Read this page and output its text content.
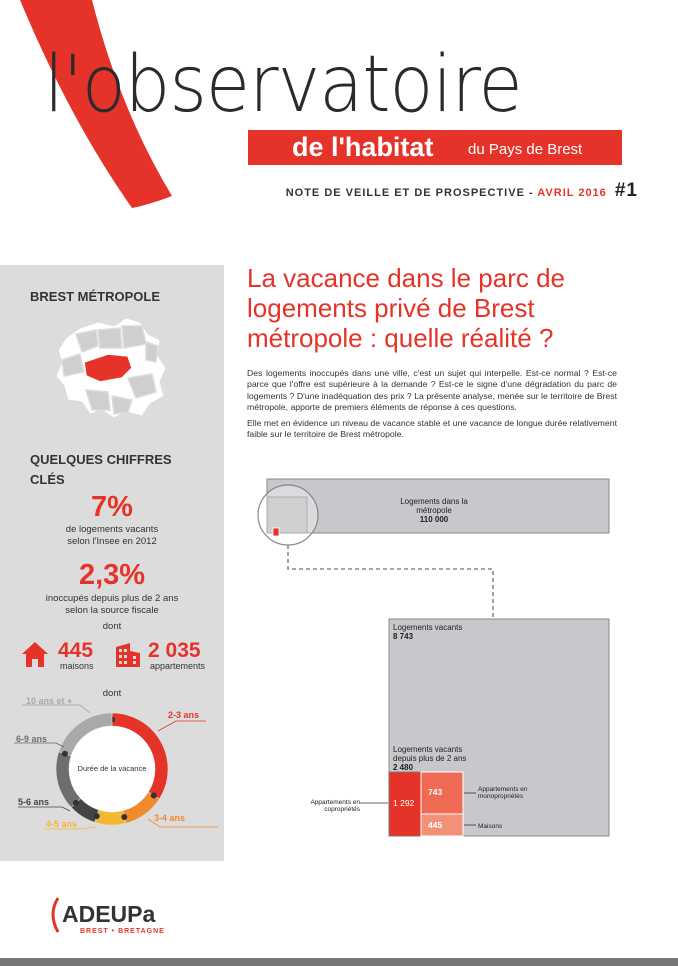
l'observatoire
de l'habitat du Pays de Brest
NOTE DE VEILLE ET DE PROSPECTIVE - AVRIL 2016 #1
BREST MÉTROPOLE
QUELQUES CHIFFRES
CLÉS
7%
de logements vacants
selon l'Insee en 2012
2,3%
inoccupés depuis plus de 2 ans
selon la source fiscale
dont
445
maisons
2 035
appartements
dont
Durée de la vacance
10 ans et +
6-9 ans
5-6 ans
4-5 ans
2-3 ans
3-4 ans
La vacance dans le parc de logements privé de Brest métropole : quelle réalité ?
Des logements inoccupés dans une ville, c'est un sujet qui interpelle. Est-ce normal ? Est-ce parce que l'offre est supérieure à la demande ? Est-ce le signe d'une dégradation du parc de logements ? D'une inadéquation des prix ? La présente analyse, menée sur le territoire de Brest métropole, apporte de premiers éléments de réponse à ces questions.
Elle met en évidence un niveau de vacance stable et une vacance de longue durée relativement faible sur le territoire de Brest métropole.
Logements dans la métropole
110 000
Logements vacants
8 743
Logements vacants
depuis plus de 2 ans
2 480
1 292
743
445
Appartements en
copropriétés
Appartements en
monopropriétés
Maisons
ADEUPa
BREST • BRETAGNE
